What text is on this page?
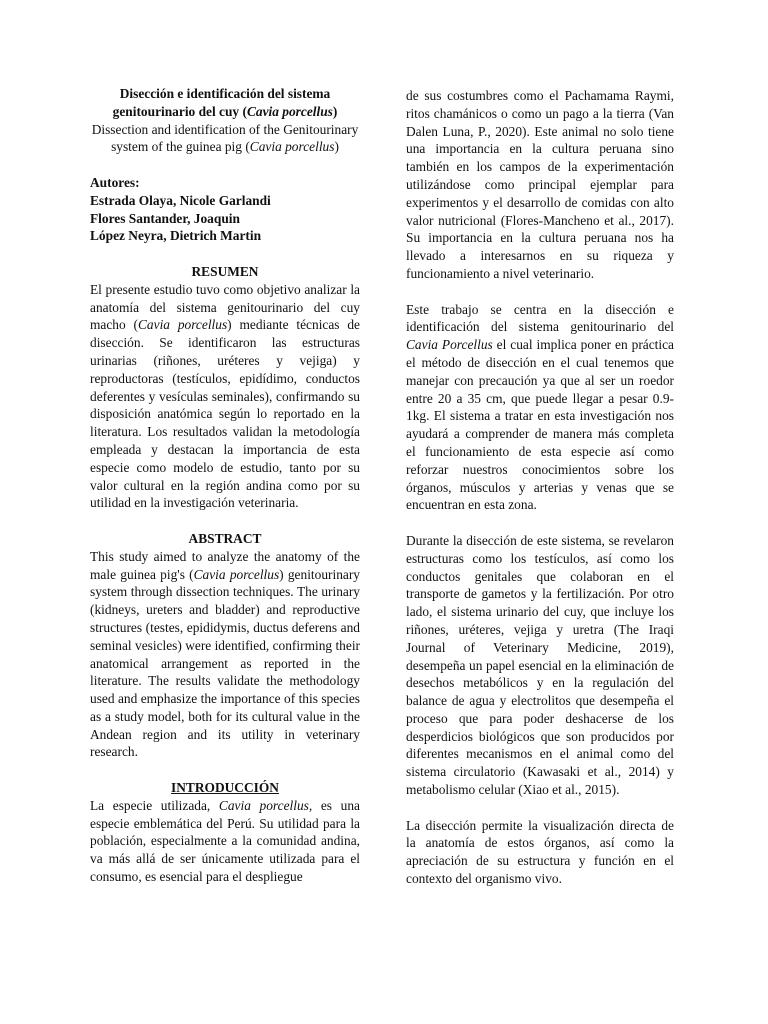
Disección e identificación del sistema genitourinario del cuy (Cavia porcellus)

Dissection and identification of the Genitourinary system of the guinea pig (Cavia porcellus)

Autores:

Estrada Olaya, Nicole Garlandi

Flores Santander, Joaquin

López Neyra, Dietrich Martin

RESUMEN

El presente estudio tuvo como objetivo analizar la anatomía del sistema genitourinario del cuy macho (Cavia porcellus) mediante técnicas de disección. Se identificaron las estructuras urinarias (riñones, uréteres y vejiga) y reproductoras (testículos, epidídimo, conductos deferentes y vesículas seminales), confirmando su disposición anatómica según lo reportado en la literatura. Los resultados validan la metodología empleada y destacan la importancia de esta especie como modelo de estudio, tanto por su valor cultural en la región andina como por su utilidad en la investigación veterinaria.

ABSTRACT

This study aimed to analyze the anatomy of the male guinea pig's (Cavia porcellus) genitourinary system through dissection techniques. The urinary (kidneys, ureters and bladder) and reproductive structures (testes, epididymis, ductus deferens and seminal vesicles) were identified, confirming their anatomical arrangement as reported in the literature. The results validate the methodology used and emphasize the importance of this species as a study model, both for its cultural value in the Andean region and its utility in veterinary research.

INTRODUCCIÓN

La especie utilizada, Cavia porcellus, es una especie emblemática del Perú. Su utilidad para la población, especialmente a la comunidad andina, va más allá de ser únicamente utilizada para el consumo, es esencial para el despliegue

de sus costumbres como el Pachamama Raymi, ritos chamánicos o como un pago a la tierra (Van Dalen Luna, P., 2020). Este animal no solo tiene una importancia en la cultura peruana sino también en los campos de la experimentación utilizándose como principal ejemplar para experimentos y el desarrollo de comidas con alto valor nutricional (Flores-Mancheno et al., 2017). Su importancia en la cultura peruana nos ha llevado a interesarnos en su riqueza y funcionamiento a nivel veterinario.

Este trabajo se centra en la disección e identificación del sistema genitourinario del Cavia Porcellus el cual implica poner en práctica el método de disección en el cual tenemos que manejar con precaución ya que al ser un roedor entre 20 a 35 cm, que puede llegar a pesar 0.9-1kg. El sistema a tratar en esta investigación nos ayudará a comprender de manera más completa el funcionamiento de esta especie así como reforzar nuestros conocimientos sobre los órganos, músculos y arterias y venas que se encuentran en esta zona.

Durante la disección de este sistema, se revelaron estructuras como los testículos, así como los conductos genitales que colaboran en el transporte de gametos y la fertilización. Por otro lado, el sistema urinario del cuy, que incluye los riñones, uréteres, vejiga y uretra (The Iraqi Journal of Veterinary Medicine, 2019), desempeña un papel esencial en la eliminación de desechos metabólicos y en la regulación del balance de agua y electrolitos que desempeña el proceso que para poder deshacerse de los desperdicios biológicos que son producidos por diferentes mecanismos en el animal como del sistema circulatorio (Kawasaki et al., 2014) y metabolismo celular (Xiao et al., 2015).

La disección permite la visualización directa de la anatomía de estos órganos, así como la apreciación de su estructura y función en el contexto del organismo vivo.
